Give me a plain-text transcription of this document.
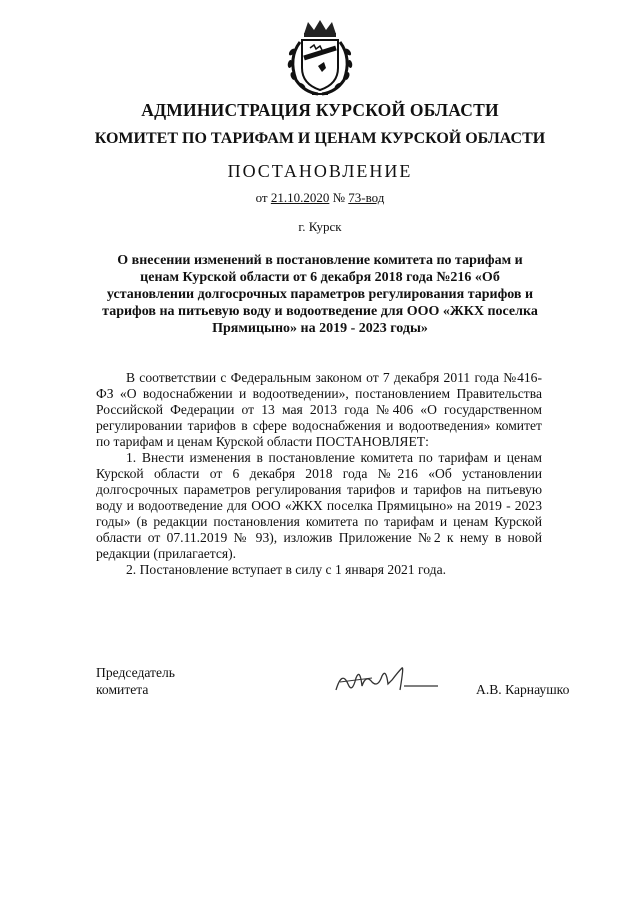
АДМИНИСТРАЦИЯ КУРСКОЙ ОБЛАСТИ
КОМИТЕТ ПО ТАРИФАМ И ЦЕНАМ КУРСКОЙ ОБЛАСТИ
ПОСТАНОВЛЕНИЕ
от 21.10.2020 № 73-вод
г. Курск
О внесении изменений в постановление комитета по тарифам и ценам Курской области от 6 декабря 2018 года №216 «Об установлении долгосрочных параметров регулирования тарифов и тарифов на питьевую воду и водоотведение для ООО «ЖКХ поселка Прямицыно» на 2019 - 2023 годы»

В соответствии с Федеральным законом от 7 декабря 2011 года №416-ФЗ «О водоснабжении и водоотведении», постановлением Правительства Российской Федерации от 13 мая 2013 года №406 «О государственном регулировании тарифов в сфере водоснабжения и водоотведения» комитет по тарифам и ценам Курской области ПОСТАНОВЛЯЕТ:

1. Внести изменения в постановление комитета по тарифам и ценам Курской области от 6 декабря 2018 года №216 «Об установлении долгосрочных параметров регулирования тарифов и тарифов на питьевую воду и водоотведение для ООО «ЖКХ поселка Прямицыно» на 2019 - 2023 годы» (в редакции постановления комитета по тарифам и ценам Курской области от 07.11.2019 № 93), изложив Приложение №2 к нему в новой редакции (прилагается).

2. Постановление вступает в силу с 1 января 2021 года.

Председатель
комитета	А.В. Карнаушко
